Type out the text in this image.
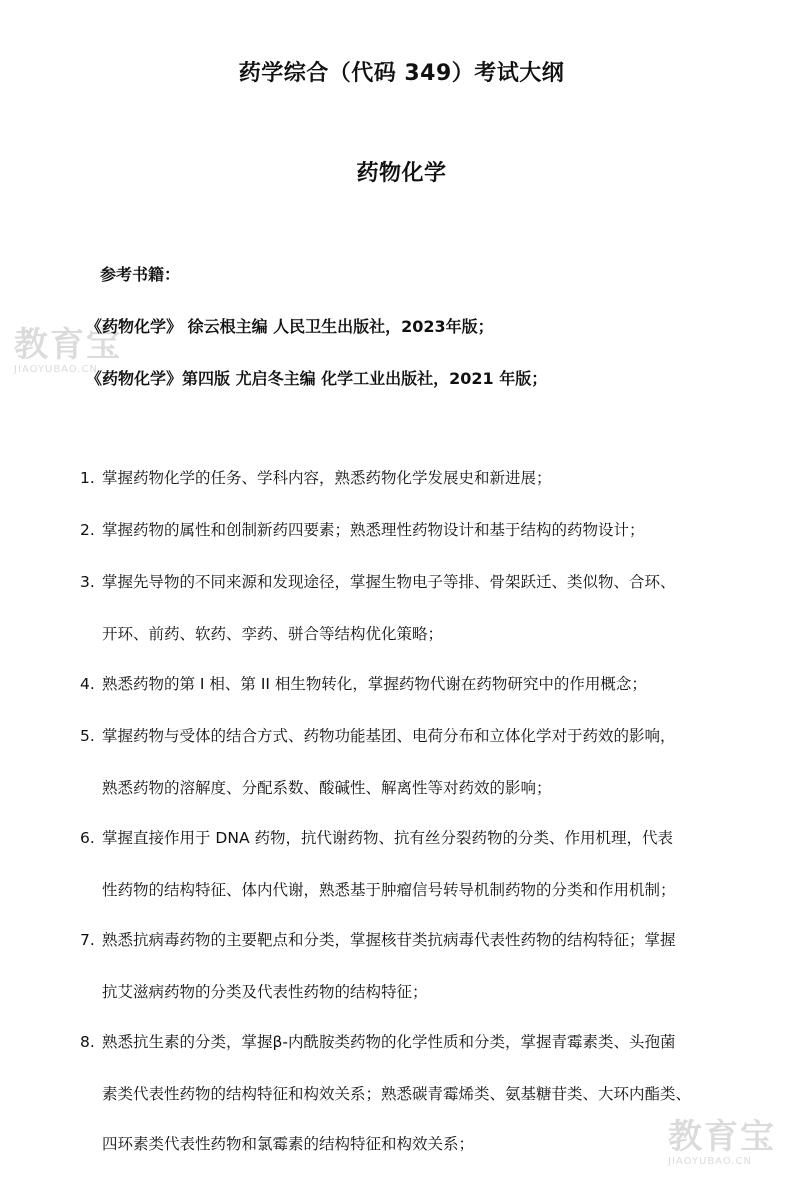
教育宝
JIAOYUBAO.CN
药学综合（代码 349）考试大纲
药物化学
参考书籍：
《药物化学》 徐云根主编 人民卫生出版社，2023年版；
《药物化学》第四版 尤启冬主编 化学工业出版社，2021 年版；
1. 掌握药物化学的任务、学科内容，熟悉药物化学发展史和新进展；
2. 掌握药物的属性和创制新药四要素；熟悉理性药物设计和基于结构的药物设计；
3. 掌握先导物的不同来源和发现途径，掌握生物电子等排、骨架跃迁、类似物、合环、
开环、前药、软药、孪药、骈合等结构优化策略；
4. 熟悉药物的第 I 相、第 II 相生物转化，掌握药物代谢在药物研究中的作用概念；
5. 掌握药物与受体的结合方式、药物功能基团、电荷分布和立体化学对于药效的影响，
熟悉药物的溶解度、分配系数、酸碱性、解离性等对药效的影响；
6. 掌握直接作用于 DNA 药物，抗代谢药物、抗有丝分裂药物的分类、作用机理，代表
性药物的结构特征、体内代谢，熟悉基于肿瘤信号转导机制药物的分类和作用机制；
7. 熟悉抗病毒药物的主要靶点和分类，掌握核苷类抗病毒代表性药物的结构特征；掌握
抗艾滋病药物的分类及代表性药物的结构特征；
8. 熟悉抗生素的分类，掌握β-内酰胺类药物的化学性质和分类，掌握青霉素类、头孢菌
素类代表性药物的结构特征和构效关系；熟悉碳青霉烯类、氨基糖苷类、大环内酯类、
四环素类代表性药物和氯霉素的结构特征和构效关系；	教育宝
JIAOYUBAO.CN
